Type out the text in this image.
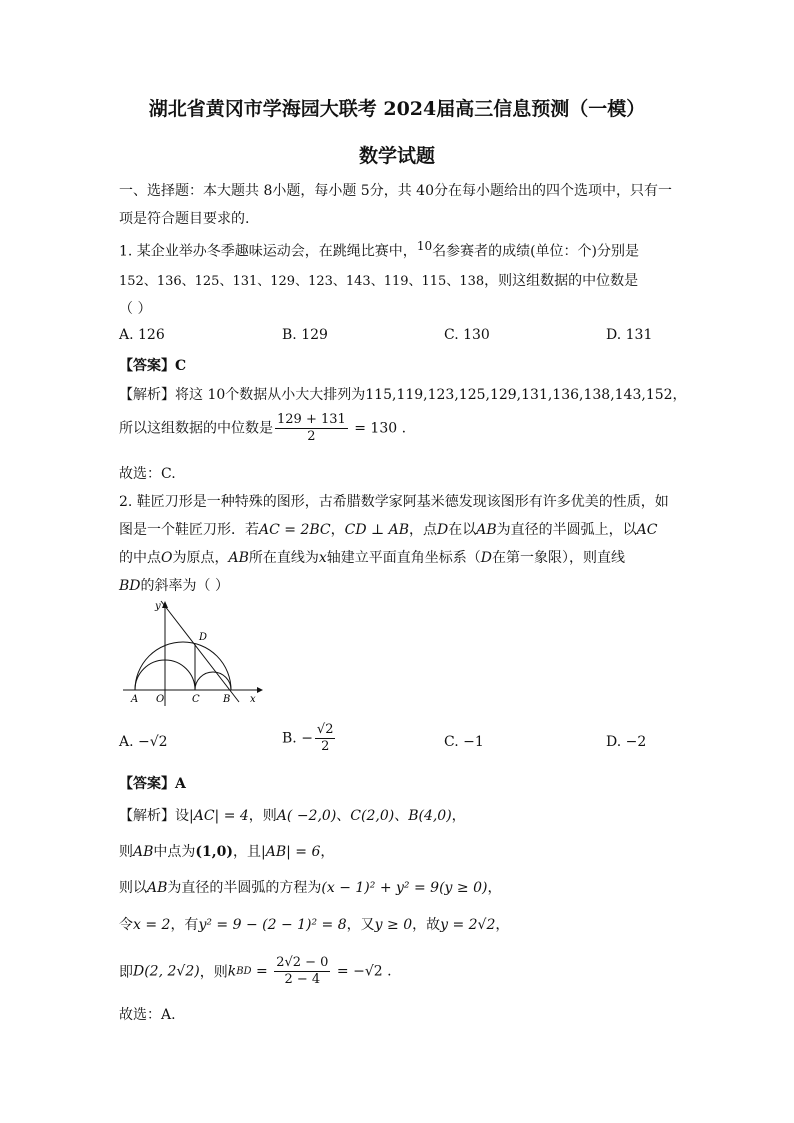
湖北省黄冈市学海园大联考 2024届高三信息预测（一模）
数学试题
一、选择题：本大题共 8小题，每小题 5分，共 40分在每小题给出的四个选项中，只有一
项是符合题目要求的.
1. 某企业举办冬季趣味运动会，在跳绳比赛中，$^{10}$名参赛者的成绩(单位：个)分别是
152、136、125、131、129、123、143、119、115、138，则这组数据的中位数是
（ ）
A. 126	B. 129	C. 130	D. 131
【答案】C
【解析】将这 10个数据从小大大排列为115,119,123,125,129,131,136,138,143,152，
所以这组数据的中位数是 $\frac{129 + 131}{2} = 130$ .
故选：C.
2. 鞋匠刀形是一种特殊的图形，古希腊数学家阿基米德发现该图形有许多优美的性质，如
图是一个鞋匠刀形．若AC = 2BC，CD ⊥ AB，点D在以AB为直径的半圆弧上，以AC
的中点O为原点，AB所在直线为x轴建立平面直角坐标系（D在第一象限），则直线
BD的斜率为（ ）
y
x
A O	C B
D
A. −√2	B. − $\frac{√2}{2}$	C. −1	D. −2
【答案】A
【解析】设|AC| = 4，则A( −2,0)、C(2,0)、B(4,0)，
则AB中点为(1,0)，且|AB| = 6，
则以AB为直径的半圆弧的方程为(x − 1)² + y² = 9(y ≥ 0)，
令x = 2，有y² = 9 − (2 − 1)² = 8，又y ≥ 0，故y = 2√2，
即D(2, 2√2)，则kBD = $\frac{2√2 - 0}{2 - 4} = -√2$ .
故选：A.
